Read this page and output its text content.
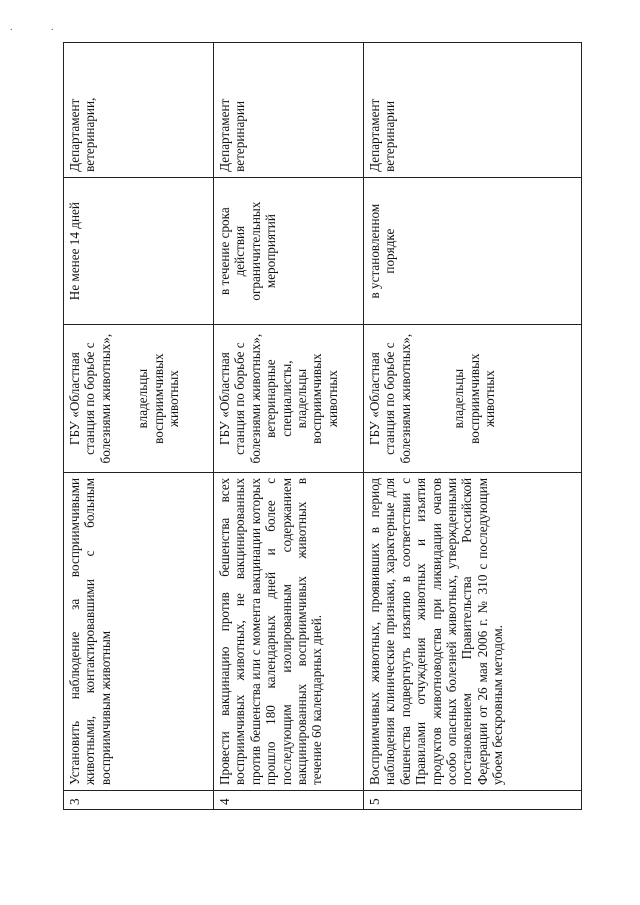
. .
3	Установить наблюдение за восприимчивыми животными, контактировавшими с больным восприимчивым животным	ГБУ «Областная станция по борьбе с болезнями животных», владельцы восприимчивых животных	Не менее 14 дней	Департамент ветеринарии,
4	Провести вакцинацию против бешенства всех восприимчивых животных, не вакцинированных против бешенства или с момента вакцинации которых прошло 180 календарных дней и более с последующим изолированным содержанием вакцинированных восприимчивых животных в течение 60 календарных дней.	ГБУ «Областная станция по борьбе с болезнями животных», ветеринарные специалисты,
владельцы восприимчивых животных	в течение срока действия ограничительных мероприятий	Департамент ветеринарии
5	Восприимчивых животных, проявивших в период наблюдения клинические признаки, характерные для бешенства подвергнуть изъятию в соответствии с Правилами отчуждения животных и изъятия продуктов животноводства при ликвидации очагов особо опасных болезней животных, утвержденными постановлением Правительства Российской Федерации от 26 мая 2006 г. № 310 с последующим убоем бескровным методом.	ГБУ «Областная станция по борьбе с болезнями животных», владельцы восприимчивых животных	в установленном порядке	Департамент ветеринарии
